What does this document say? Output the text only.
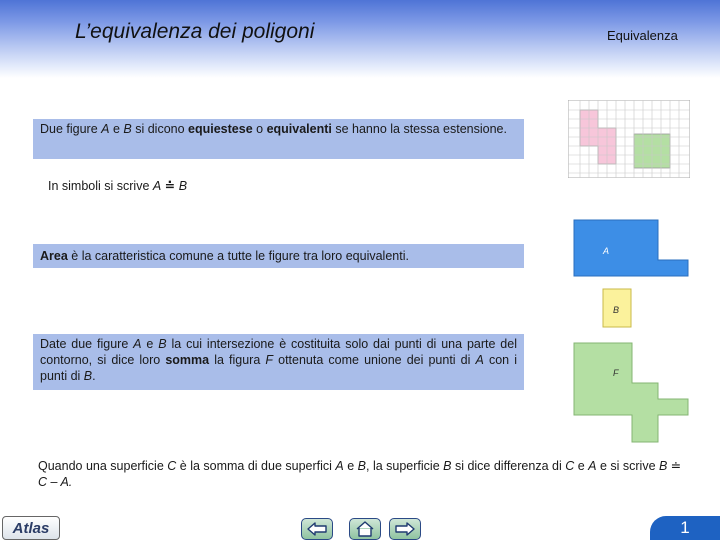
L’equivalenza dei poligoni	Equivalenza
Due figure A e B si dicono equiestese o equivalenti se hanno la stessa estensione.
In simboli si scrive A ≐ B
Area è la caratteristica comune a tutte le figure tra loro equivalenti.
Date due figure A e B la cui intersezione è costituita solo dai punti di una parte del contorno, si dice loro somma la figura F ottenuta come unione dei punti di A con i punti di B.
Quando una superficie C è la somma di due superfici A e B, la superficie B si dice differenza di C e A e si scrive B ≐ C – A.
A
B
F
Atlas	1
